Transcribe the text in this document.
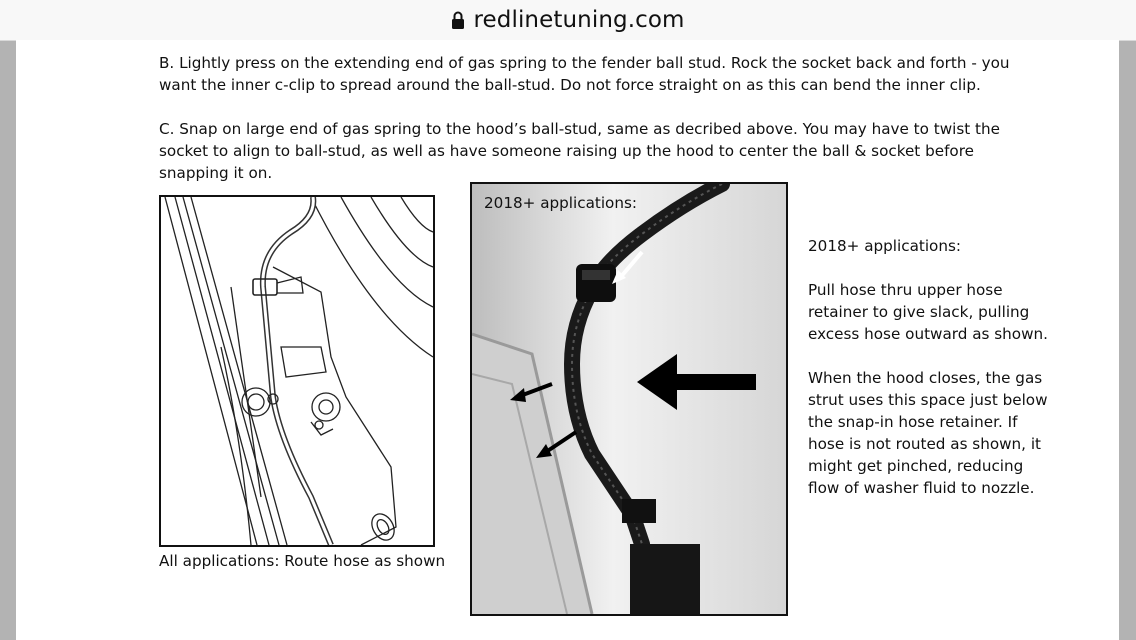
redlinetuning.com
B. Lightly press on the extending end of gas spring to the fender ball stud. Rock the socket back and forth - you want the inner c-clip to spread around the ball-stud. Do not force straight on as this can bend the inner clip.
C. Snap on large end of gas spring to the hood’s ball-stud, same as decribed above. You may have to twist the socket to align to ball-stud, as well as have someone raising up the hood to center the ball & socket before snapping it on.
All applications: Route hose as shown
2018+ applications:

2018+ applications:

Pull hose thru upper hose retainer to give slack, pulling excess hose outward as shown.

When the hood closes, the gas strut uses this space just below the snap-in hose retainer. If hose is not routed as shown, it might get pinched, reducing flow of washer fluid to nozzle.
